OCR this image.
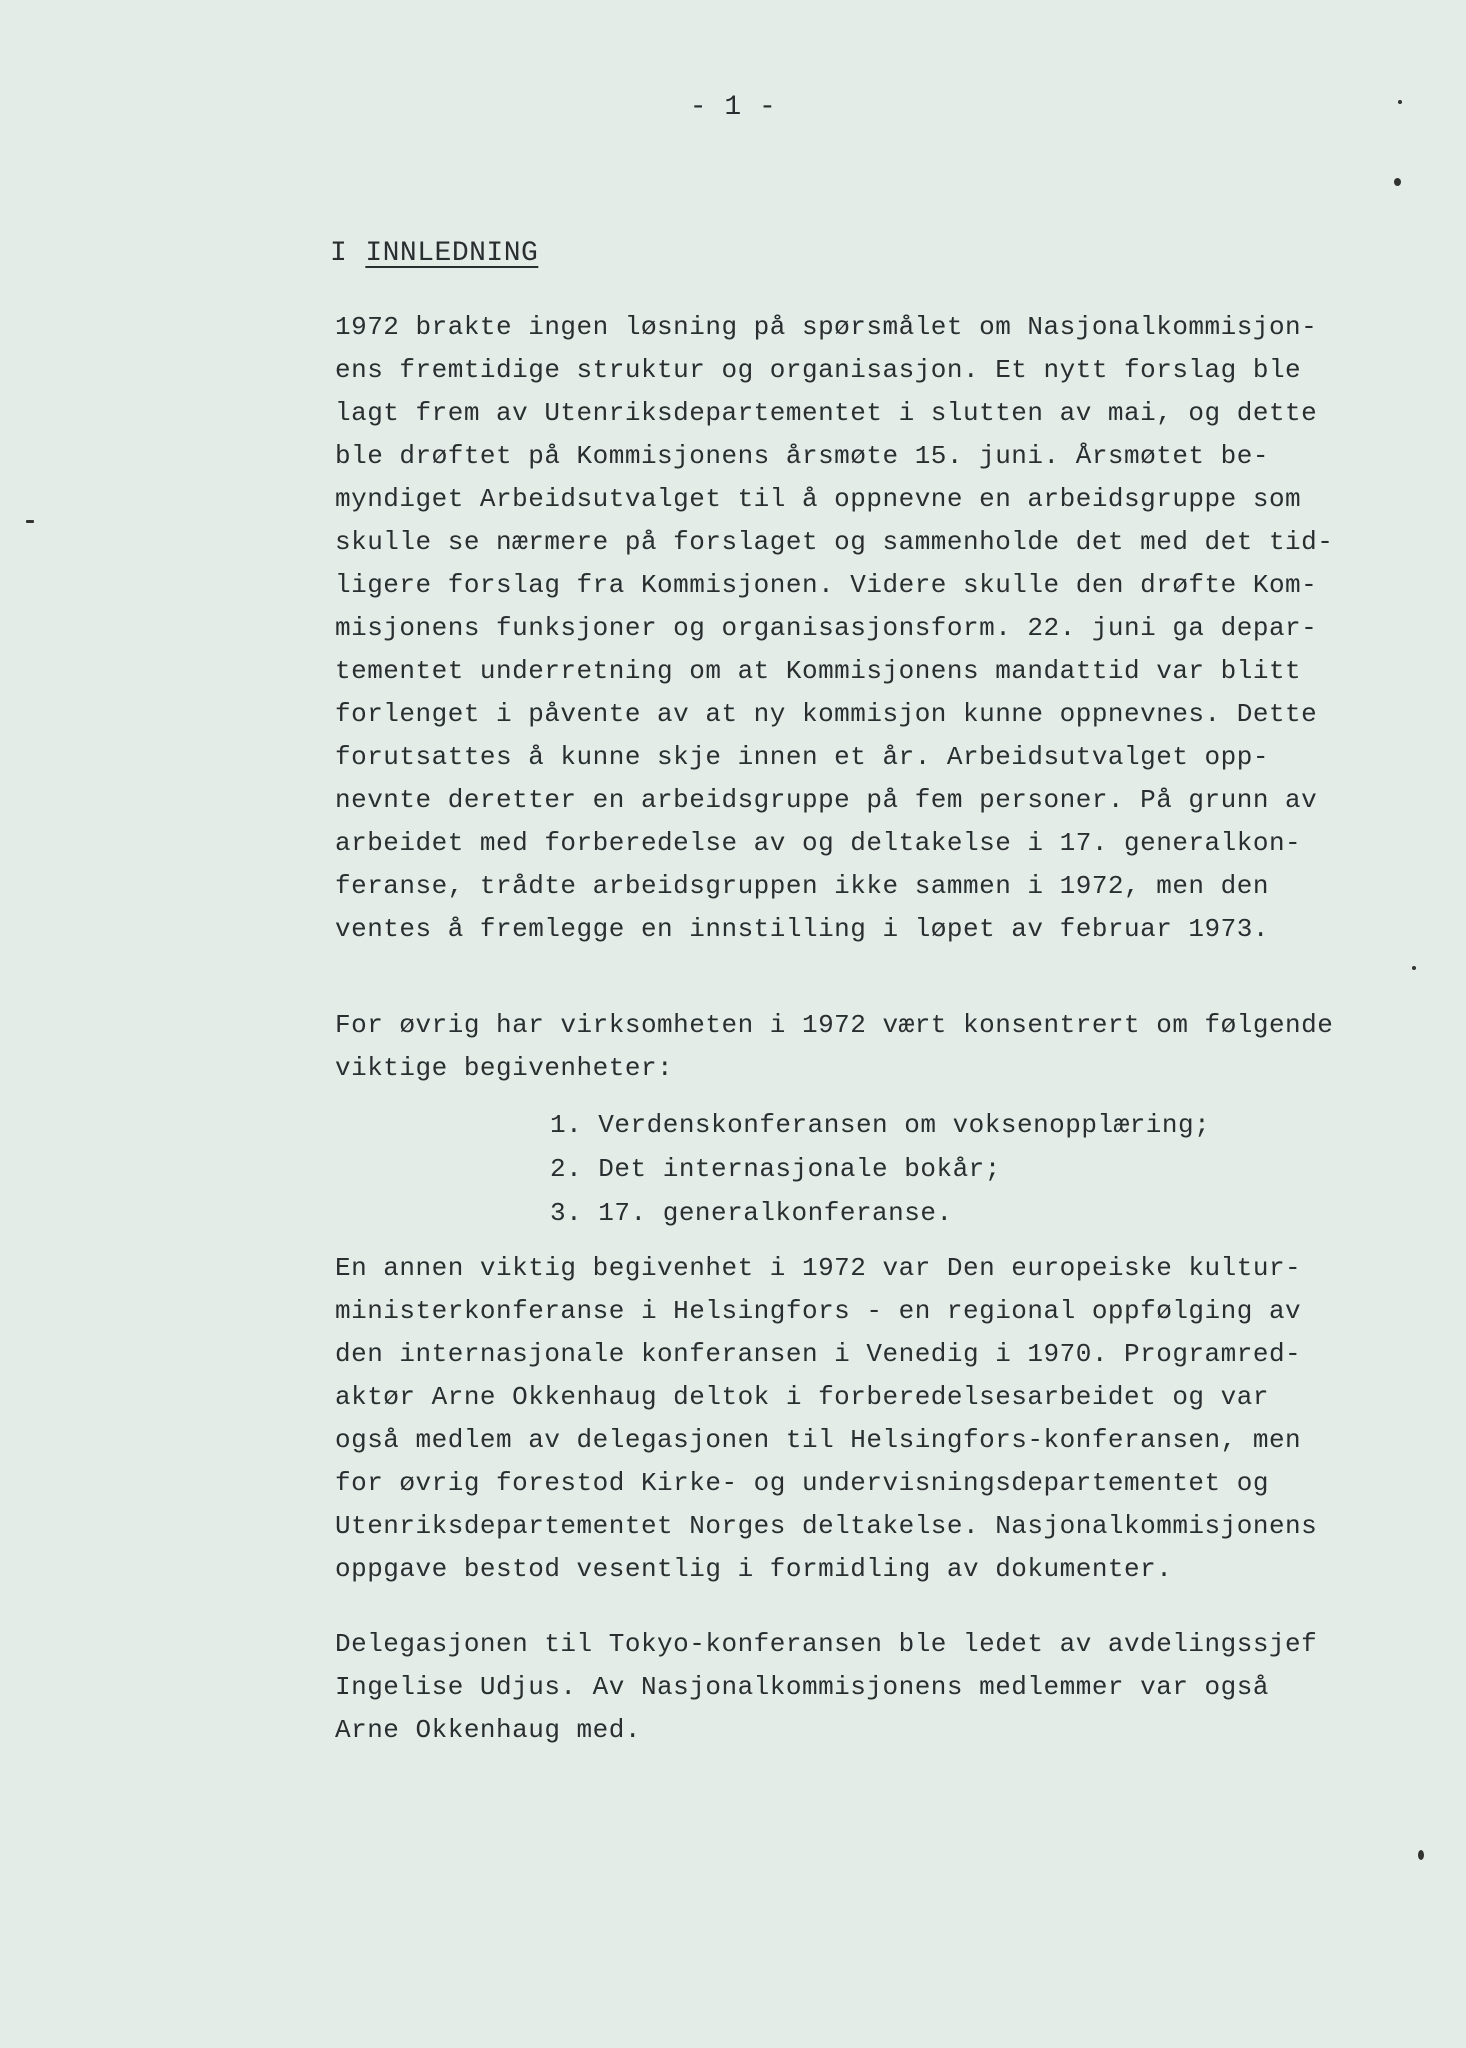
- 1 -
I INNLEDNING
1972 brakte ingen løsning på spørsmålet om Nasjonalkommisjon-
ens fremtidige struktur og organisasjon. Et nytt forslag ble
lagt frem av Utenriksdepartementet i slutten av mai, og dette
ble drøftet på Kommisjonens årsmøte 15. juni. Årsmøtet be-
myndiget Arbeidsutvalget til å oppnevne en arbeidsgruppe som
skulle se nærmere på forslaget og sammenholde det med det tid-
ligere forslag fra Kommisjonen. Videre skulle den drøfte Kom-
misjonens funksjoner og organisasjonsform. 22. juni ga depar-
tementet underretning om at Kommisjonens mandattid var blitt
forlenget i påvente av at ny kommisjon kunne oppnevnes. Dette
forutsattes å kunne skje innen et år. Arbeidsutvalget opp-
nevnte deretter en arbeidsgruppe på fem personer. På grunn av
arbeidet med forberedelse av og deltakelse i 17. generalkon-
feranse, trådte arbeidsgruppen ikke sammen i 1972, men den
ventes å fremlegge en innstilling i løpet av februar 1973.
For øvrig har virksomheten i 1972 vært konsentrert om følgende
viktige begivenheter:
1. Verdenskonferansen om voksenopplæring;
2. Det internasjonale bokår;
3. 17. generalkonferanse.
En annen viktig begivenhet i 1972 var Den europeiske kultur-
ministerkonferanse i Helsingfors - en regional oppfølging av
den internasjonale konferansen i Venedig i 1970. Programred-
aktør Arne Okkenhaug deltok i forberedelsesarbeidet og var
også medlem av delegasjonen til Helsingfors-konferansen, men
for øvrig forestod Kirke- og undervisningsdepartementet og
Utenriksdepartementet Norges deltakelse. Nasjonalkommisjonens
oppgave bestod vesentlig i formidling av dokumenter.
Delegasjonen til Tokyo-konferansen ble ledet av avdelingssjef
Ingelise Udjus. Av Nasjonalkommisjonens medlemmer var også
Arne Okkenhaug med.
